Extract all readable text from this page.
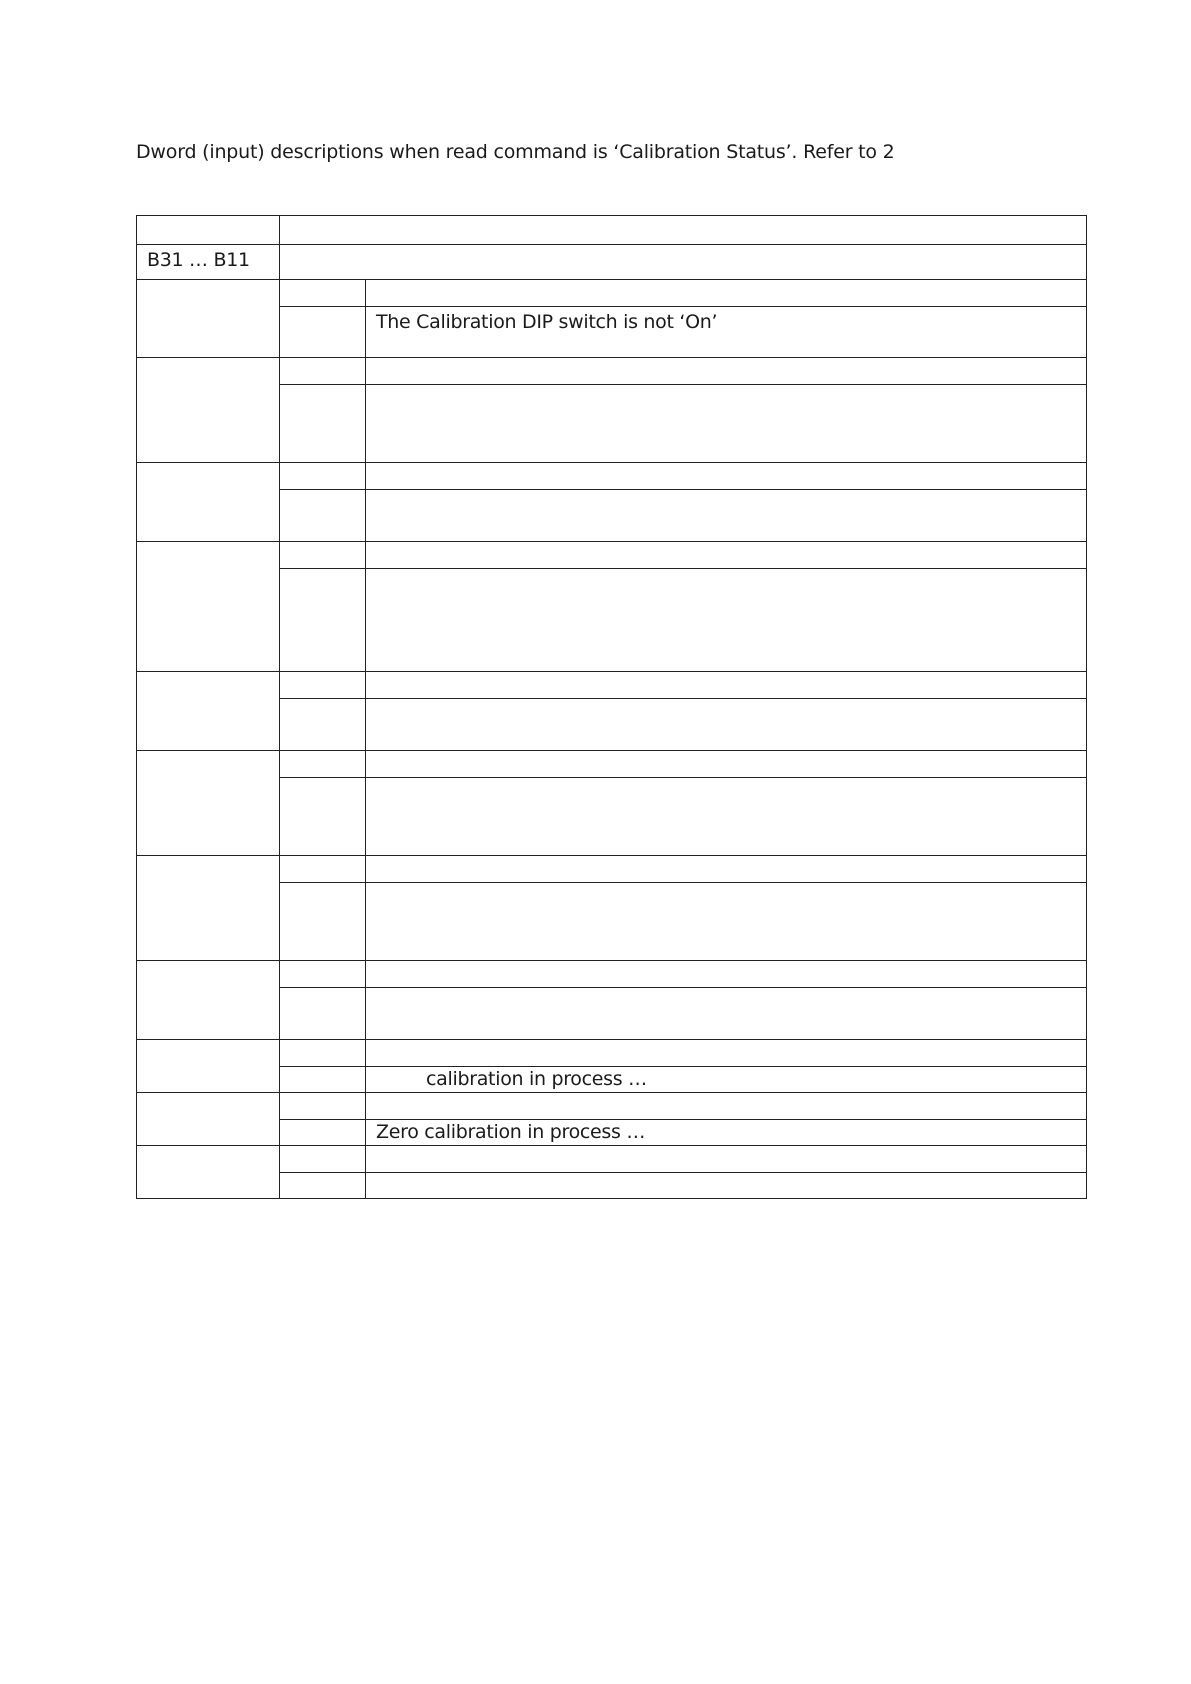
Dword (input) descriptions when read command is ‘Calibration Status’. Refer to 2

B31 … B11		

		The Calibration DIP switch is not ‘On’

		calibration in process …

		Zero calibration in process …
